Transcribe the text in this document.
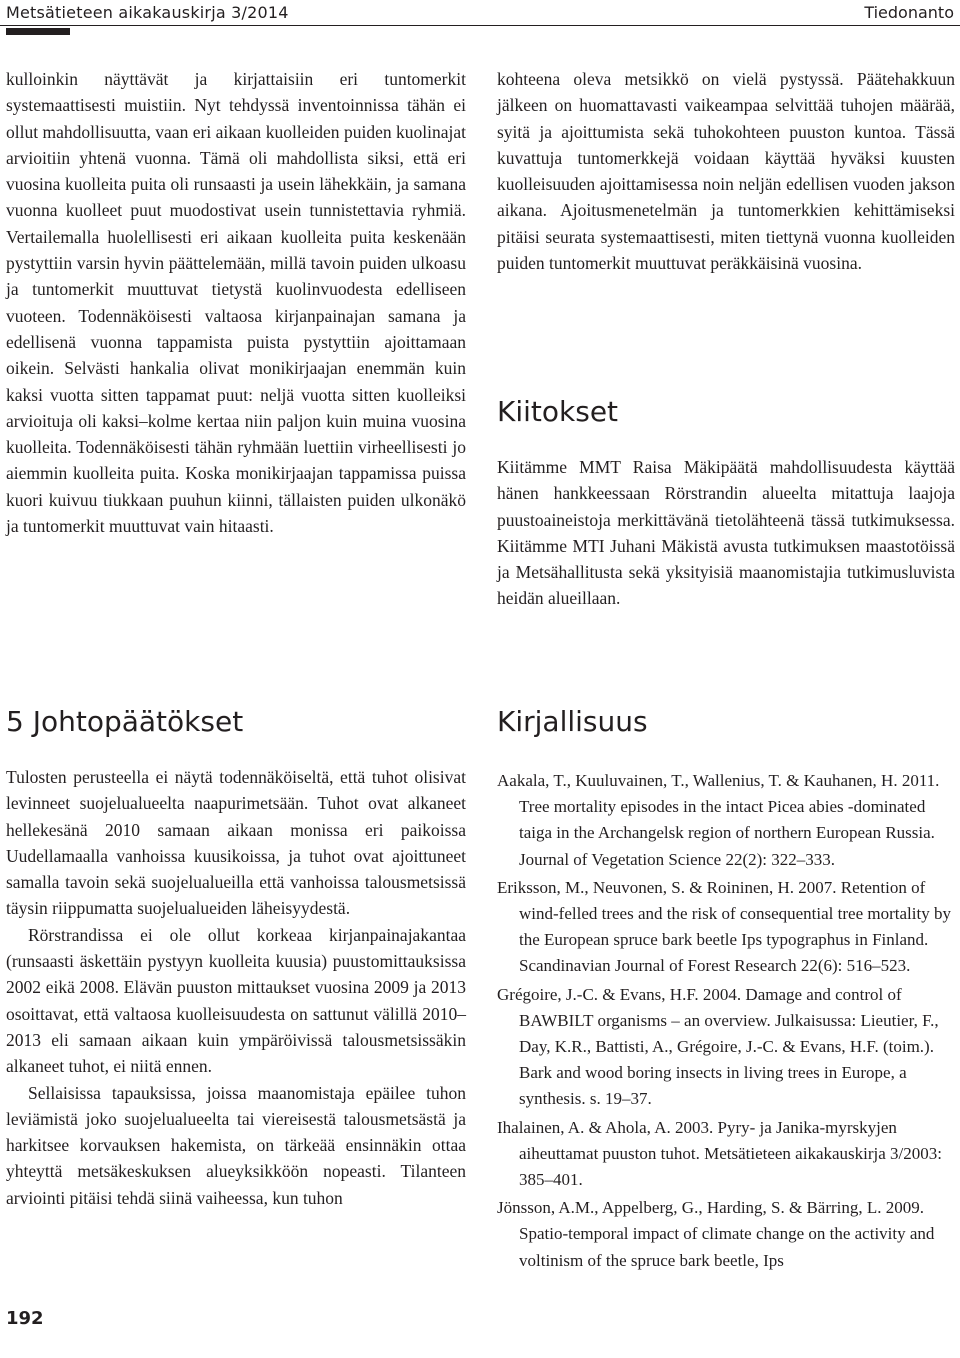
Metsätieteen aikakauskirja 3/2014	Tiedonanto

kulloinkin näyttävät ja kirjattaisiin eri tuntomerkit systemaattisesti muistiin. Nyt tehdyssä inventoinnissa tähän ei ollut mahdollisuutta, vaan eri aikaan kuolleiden puiden kuolinajat arvioitiin yhtenä vuonna. Tämä oli mahdollista siksi, että eri vuosina kuolleita puita oli runsaasti ja usein lähekkäin, ja samana vuonna kuolleet puut muodostivat usein tunnistettavia ryhmiä. Vertailemalla huolellisesti eri aikaan kuolleita puita keskenään pystyttiin varsin hyvin päättelemään, millä tavoin puiden ulkoasu ja tuntomerkit muuttuvat tietystä kuolinvuodesta edelliseen vuoteen. Todennäköisesti valtaosa kirjanpainajan samana ja edellisenä vuonna tappamista puista pystyttiin ajoittamaan oikein. Selvästi hankalia olivat monikirjaajan enemmän kuin kaksi vuotta sitten tappamat puut: neljä vuotta sitten kuolleiksi arvioituja oli kaksi–kolme kertaa niin paljon kuin muina vuosina kuolleita. Todennäköisesti tähän ryhmään luettiin virheellisesti jo aiemmin kuolleita puita. Koska monikirjaajan tappamissa puissa kuori kuivuu tiukkaan puuhun kiinni, tällaisten puiden ulkonäkö ja tuntomerkit muuttuvat vain hitaasti.

kohteena oleva metsikkö on vielä pystyssä. Päätehakkuun jälkeen on huomattavasti vaikeampaa selvittää tuhojen määrää, syitä ja ajoittumista sekä tuhokohteen puuston kuntoa. Tässä kuvattuja tuntomerkkejä voidaan käyttää hyväksi kuusten kuolleisuuden ajoittamisessa noin neljän edellisen vuoden jakson aikana. Ajoitusmenetelmän ja tuntomerkkien kehittämiseksi pitäisi seurata systemaattisesti, miten tiettynä vuonna kuolleiden puiden tuntomerkit muuttuvat peräkkäisinä vuosina.

Kiitokset

Kiitämme MMT Raisa Mäkipäätä mahdollisuudesta käyttää hänen hankkeessaan Rörstrandin alueelta mitattuja laajoja puustoaineistoja merkittävänä tietolähteenä tässä tutkimuksessa. Kiitämme MTI Juhani Mäkistä avusta tutkimuksen maastotöissä ja Metsähallitusta sekä yksityisiä maanomistajia tutkimusluvista heidän alueillaan.

5 Johtopäätökset

Tulosten perusteella ei näytä todennäköiseltä, että tuhot olisivat levinneet suojelualueelta naapurimetsään. Tuhot ovat alkaneet hellekesänä 2010 samaan aikaan monissa eri paikoissa Uudellamaalla vanhoissa kuusikoissa, ja tuhot ovat ajoittuneet samalla tavoin sekä suojelualueilla että vanhoissa talousmetsissä täysin riippumatta suojelualueiden läheisyydestä.

Rörstrandissa ei ole ollut korkeaa kirjanpainajakantaa (runsaasti äskettäin pystyyn kuolleita kuusia) puustomittauksissa 2002 eikä 2008. Elävän puuston mittaukset vuosina 2009 ja 2013 osoittavat, että valtaosa kuolleisuudesta on sattunut välillä 2010–2013 eli samaan aikaan kuin ympäröivissä talousmetsissäkin alkaneet tuhot, ei niitä ennen.

Sellaisissa tapauksissa, joissa maanomistaja epäilee tuhon leviämistä joko suojelualueelta tai viereisestä talousmetsästä ja harkitsee korvauksen hakemista, on tärkeää ensinnäkin ottaa yhteyttä metsäkeskuksen alueyksikköön nopeasti. Tilanteen arviointi pitäisi tehdä siinä vaiheessa, kun tuhon

Kirjallisuus

Aakala, T., Kuuluvainen, T., Wallenius, T. & Kauhanen, H. 2011. Tree mortality episodes in the intact Picea abies -dominated taiga in the Archangelsk region of northern European Russia. Journal of Vegetation Science 22(2): 322–333.

Eriksson, M., Neuvonen, S. & Roininen, H. 2007. Retention of wind-felled trees and the risk of consequential tree mortality by the European spruce bark beetle Ips typographus in Finland. Scandinavian Journal of Forest Research 22(6): 516–523.

Grégoire, J.-C. & Evans, H.F. 2004. Damage and control of BAWBILT organisms – an overview. Julkaisussa: Lieutier, F., Day, K.R., Battisti, A., Grégoire, J.-C. & Evans, H.F. (toim.). Bark and wood boring insects in living trees in Europe, a synthesis. s. 19–37.

Ihalainen, A. & Ahola, A. 2003. Pyry- ja Janika-myrskyjen aiheuttamat puuston tuhot. Metsätieteen aikakauskirja 3/2003: 385–401.

Jönsson, A.M., Appelberg, G., Harding, S. & Bärring, L. 2009. Spatio-temporal impact of climate change on the activity and voltinism of the spruce bark beetle, Ips

192
